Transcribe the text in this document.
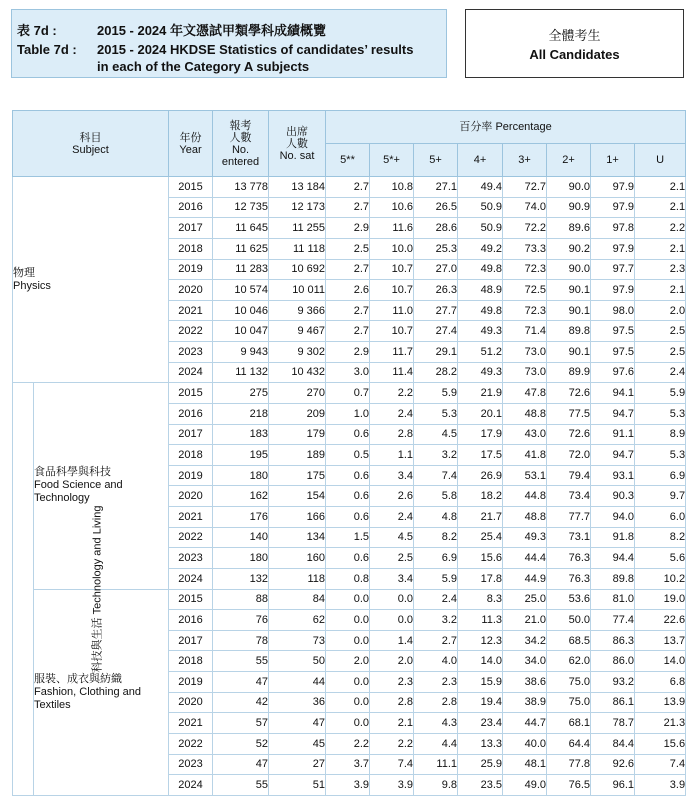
表 7d :	2015 - 2024 年文憑試甲類學科成績概覽
Table 7d : 2015 - 2024 HKDSE Statistics of candidates’ results
in each of the Category A subjects
全體考生
All Candidates
科目
Subject		年份
Year	報考
人數
No.
entered	出席
人數
No. sat	百分率 Percentage							
					5**	5*+	5+	4+	3+	2+	1+	U

物理
Physics		2015	13 778	13 184	2.7	10.8	27.1	49.4	72.7	90.0	97.9	2.1
		2016	12 735	12 173	2.7	10.6	26.5	50.9	74.0	90.9	97.9	2.1
		2017	11 645	11 255	2.9	11.6	28.6	50.9	72.2	89.6	97.8	2.2
		2018	11 625	11 118	2.5	10.0	25.3	49.2	73.3	90.2	97.9	2.1
		2019	11 283	10 692	2.7	10.7	27.0	49.8	72.3	90.0	97.7	2.3
		2020	10 574	10 011	2.6	10.7	26.3	48.9	72.5	90.1	97.9	2.1
		2021	10 046	9 366	2.7	11.0	27.7	49.8	72.3	90.1	98.0	2.0
		2022	10 047	9 467	2.7	10.7	27.4	49.3	71.4	89.8	97.5	2.5
		2023	9 943	9 302	2.9	11.7	29.1	51.2	73.0	90.1	97.5	2.5
		2024	11 132	10 432	3.0	11.4	28.2	49.3	73.0	89.9	97.6	2.4
科技與生活 Technology and Living	食品科學與科技
Food Science and
Technology	2015	275	270	0.7	2.2	5.9	21.9	47.8	72.6	94.1	5.9
		2016	218	209	1.0	2.4	5.3	20.1	48.8	77.5	94.7	5.3
		2017	183	179	0.6	2.8	4.5	17.9	43.0	72.6	91.1	8.9
		2018	195	189	0.5	1.1	3.2	17.5	41.8	72.0	94.7	5.3
		2019	180	175	0.6	3.4	7.4	26.9	53.1	79.4	93.1	6.9
		2020	162	154	0.6	2.6	5.8	18.2	44.8	73.4	90.3	9.7
		2021	176	166	0.6	2.4	4.8	21.7	48.8	77.7	94.0	6.0
		2022	140	134	1.5	4.5	8.2	25.4	49.3	73.1	91.8	8.2
		2023	180	160	0.6	2.5	6.9	15.6	44.4	76.3	94.4	5.6
		2024	132	118	0.8	3.4	5.9	17.8	44.9	76.3	89.8	10.2

	服裝、成衣與紡織
Fashion, Clothing and
Textiles	2015	88	84	0.0	0.0	2.4	8.3	25.0	53.6	81.0	19.0
		2016	76	62	0.0	0.0	3.2	11.3	21.0	50.0	77.4	22.6
		2017	78	73	0.0	1.4	2.7	12.3	34.2	68.5	86.3	13.7
		2018	55	50	2.0	2.0	4.0	14.0	34.0	62.0	86.0	14.0
		2019	47	44	0.0	2.3	2.3	15.9	38.6	75.0	93.2	6.8
		2020	42	36	0.0	2.8	2.8	19.4	38.9	75.0	86.1	13.9
		2021	57	47	0.0	2.1	4.3	23.4	44.7	68.1	78.7	21.3
		2022	52	45	2.2	2.2	4.4	13.3	40.0	64.4	84.4	15.6
		2023	47	27	3.7	7.4	11.1	25.9	48.1	77.8	92.6	7.4
		2024	55	51	3.9	3.9	9.8	23.5	49.0	76.5	96.1	3.9
